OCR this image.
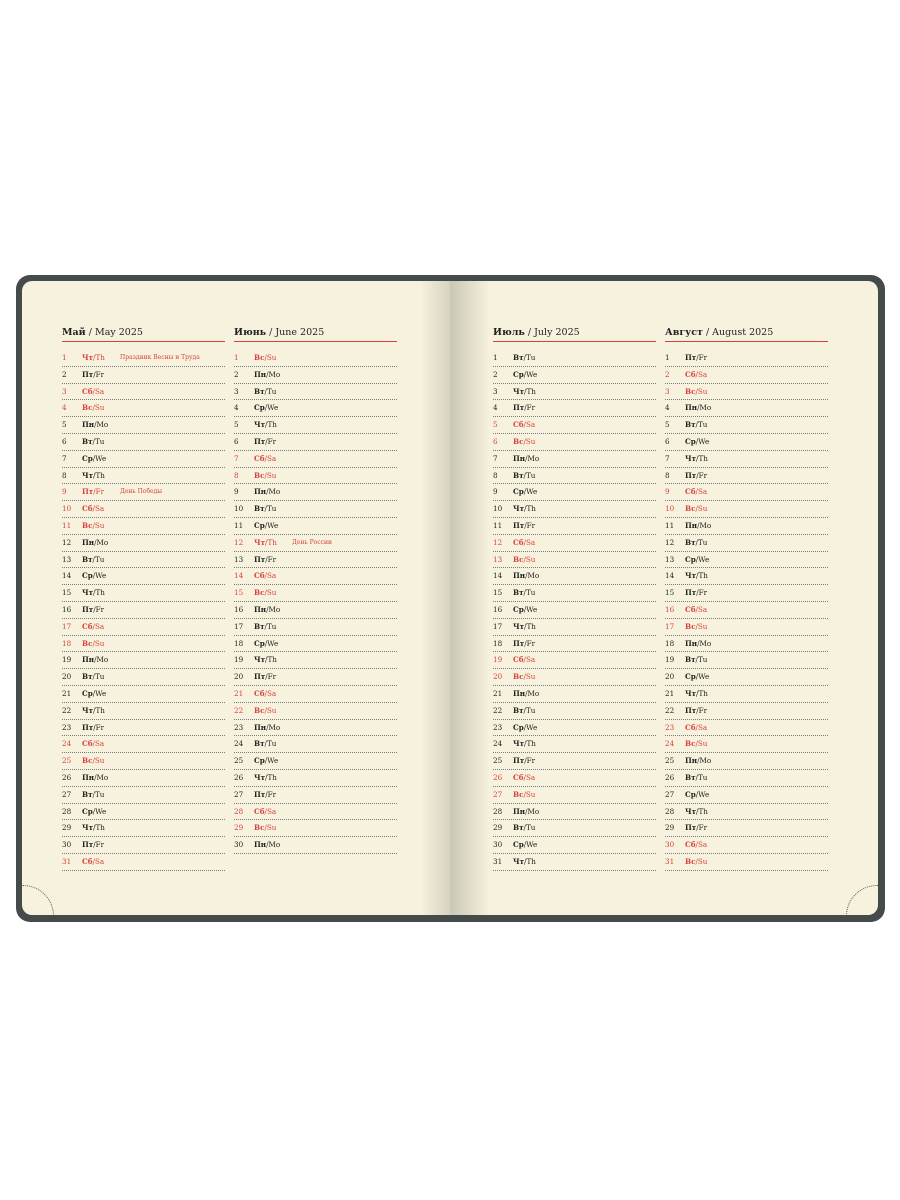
Май / May 2025
1	Чт/Th	Праздник Весны и Труда
2	Пт/Fr
3	Сб/Sa
4	Вс/Su
5	Пн/Mo
6	Вт/Tu
7	Ср/We
8	Чт/Th
9	Пт/Fr	День Победы
10	Сб/Sa
11	Вс/Su
12	Пн/Mo
13	Вт/Tu
14	Ср/We
15	Чт/Th
16	Пт/Fr
17	Сб/Sa
18	Вс/Su
19	Пн/Mo
20	Вт/Tu
21	Ср/We
22	Чт/Th
23	Пт/Fr
24	Сб/Sa
25	Вс/Su
26	Пн/Mo
27	Вт/Tu
28	Ср/We
29	Чт/Th
30	Пт/Fr
31	Сб/Sa
Июнь / June 2025
1	Вс/Su
2	Пн/Mo
3	Вт/Tu
4	Ср/We
5	Чт/Th
6	Пт/Fr
7	Сб/Sa
8	Вс/Su
9	Пн/Mo
10	Вт/Tu
11	Ср/We
12	Чт/Th	День России
13	Пт/Fr
14	Сб/Sa
15	Вс/Su
16	Пн/Mo
17	Вт/Tu
18	Ср/We
19	Чт/Th
20	Пт/Fr
21	Сб/Sa
22	Вс/Su
23	Пн/Mo
24	Вт/Tu
25	Ср/We
26	Чт/Th
27	Пт/Fr
28	Сб/Sa
29	Вс/Su
30	Пн/Mo
Июль / July 2025
1	Вт/Tu
2	Ср/We
3	Чт/Th
4	Пт/Fr
5	Сб/Sa
6	Вс/Su
7	Пн/Mo
8	Вт/Tu
9	Ср/We
10	Чт/Th
11	Пт/Fr
12	Сб/Sa
13	Вс/Su
14	Пн/Mo
15	Вт/Tu
16	Ср/We
17	Чт/Th
18	Пт/Fr
19	Сб/Sa
20	Вс/Su
21	Пн/Mo
22	Вт/Tu
23	Ср/We
24	Чт/Th
25	Пт/Fr
26	Сб/Sa
27	Вс/Su
28	Пн/Mo
29	Вт/Tu
30	Ср/We
31	Чт/Th
Август / August 2025
1	Пт/Fr
2	Сб/Sa
3	Вс/Su
4	Пн/Mo
5	Вт/Tu
6	Ср/We
7	Чт/Th
8	Пт/Fr
9	Сб/Sa
10	Вс/Su
11	Пн/Mo
12	Вт/Tu
13	Ср/We
14	Чт/Th
15	Пт/Fr
16	Сб/Sa
17	Вс/Su
18	Пн/Mo
19	Вт/Tu
20	Ср/We
21	Чт/Th
22	Пт/Fr
23	Сб/Sa
24	Вс/Su
25	Пн/Mo
26	Вт/Tu
27	Ср/We
28	Чт/Th
29	Пт/Fr
30	Сб/Sa
31	Вс/Su
